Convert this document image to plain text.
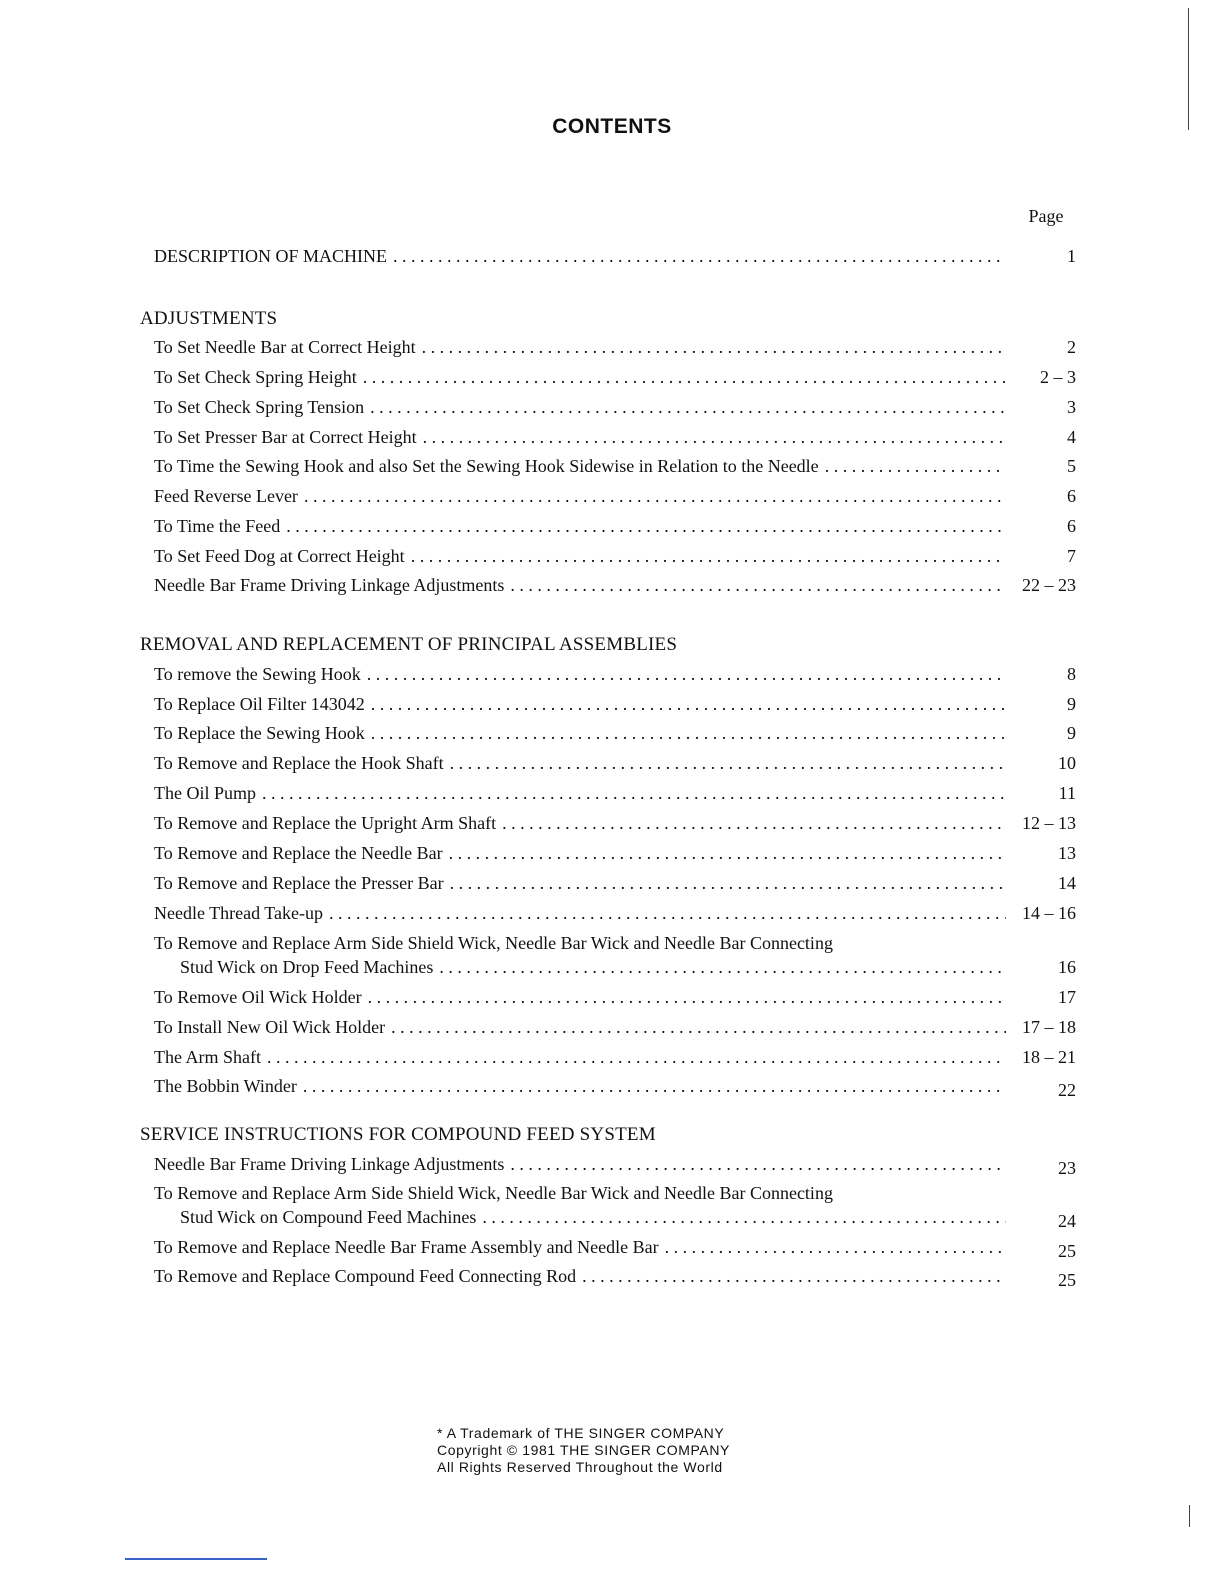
CONTENTS
Page
DESCRIPTION OF MACHINE . . .	1
ADJUSTMENTS
To Set Needle Bar at Correct Height . . .	2
To Set Check Spring Height . . .	2 – 3
To Set Check Spring Tension . . .	3
To Set Presser Bar at Correct Height . . .	4
To Time the Sewing Hook and also Set the Sewing Hook Sidewise in Relation to the Needle . . .	5
Feed Reverse Lever . . .	6
To Time the Feed . . .	6
To Set Feed Dog at Correct Height . . .	7
Needle Bar Frame Driving Linkage Adjustments . . .	22 – 23
REMOVAL AND REPLACEMENT OF PRINCIPAL ASSEMBLIES
To remove the Sewing Hook . . .	8
To Replace Oil Filter 143042 . . .	9
To Replace the Sewing Hook . . .	9
To Remove and Replace the Hook Shaft . . .	10
The Oil Pump . . .	11
To Remove and Replace the Upright Arm Shaft . . .	12 – 13
To Remove and Replace the Needle Bar . . .	13
To Remove and Replace the Presser Bar . . .	14
Needle Thread Take-up . . .	14 – 16
To Remove and Replace Arm Side Shield Wick, Needle Bar Wick and Needle Bar Connecting
Stud Wick on Drop Feed Machines . . .	16
To Remove Oil Wick Holder . . .	17
To Install New Oil Wick Holder . . .	17 – 18
The Arm Shaft . . .	18 – 21
The Bobbin Winder . . .	22
SERVICE INSTRUCTIONS FOR COMPOUND FEED SYSTEM
Needle Bar Frame Driving Linkage Adjustments . . .	23
To Remove and Replace Arm Side Shield Wick, Needle Bar Wick and Needle Bar Connecting
Stud Wick on Compound Feed Machines . . .	24
To Remove and Replace Needle Bar Frame Assembly and Needle Bar . . .	25
To Remove and Replace Compound Feed Connecting Rod . . .	25
* A Trademark of THE SINGER COMPANY
Copyright © 1981 THE SINGER COMPANY
All Rights Reserved Throughout the World
